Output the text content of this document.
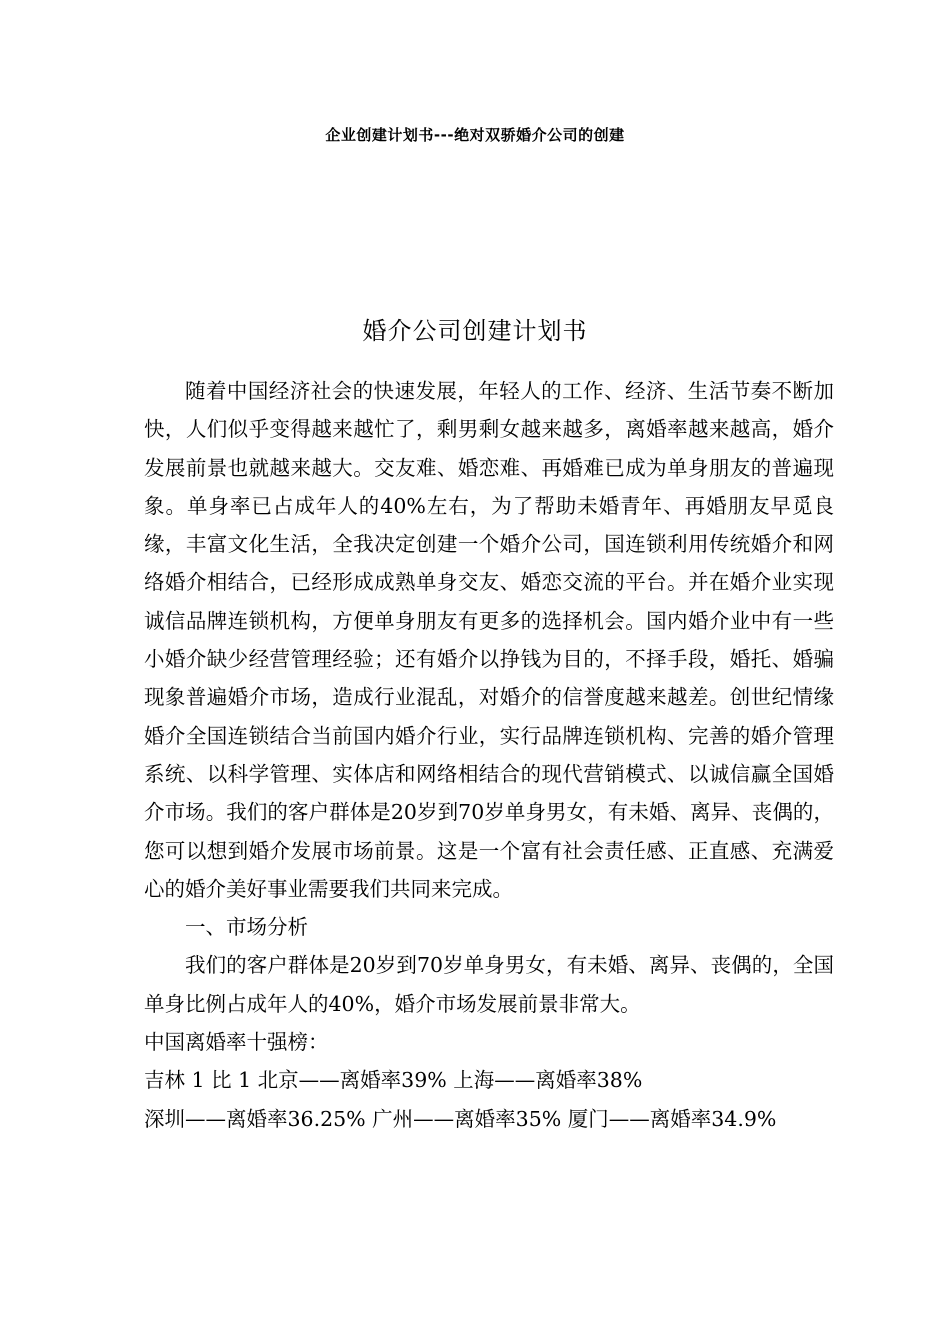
企业创建计划书---绝对双骄婚介公司的创建
婚介公司创建计划书

随着中国经济社会的快速发展，年轻人的工作、经济、生活节奏不断加快，人们似乎变得越来越忙了，剩男剩女越来越多，离婚率越来越高，婚介发展前景也就越来越大。交友难、婚恋难、再婚难已成为单身朋友的普遍现象。单身率已占成年人的40%左右，为了帮助未婚青年、再婚朋友早觅良缘，丰富文化生活，全我决定创建一个婚介公司，国连锁利用传统婚介和网络婚介相结合，已经形成成熟单身交友、婚恋交流的平台。并在婚介业实现诚信品牌连锁机构，方便单身朋友有更多的选择机会。国内婚介业中有一些小婚介缺少经营管理经验；还有婚介以挣钱为目的，不择手段，婚托、婚骗现象普遍婚介市场，造成行业混乱，对婚介的信誉度越来越差。创世纪情缘婚介全国连锁结合当前国内婚介行业，实行品牌连锁机构、完善的婚介管理系统、以科学管理、实体店和网络相结合的现代营销模式、以诚信赢全国婚介市场。我们的客户群体是20岁到70岁单身男女，有未婚、离异、丧偶的，您可以想到婚介发展市场前景。这是一个富有社会责任感、正直感、充满爱心的婚介美好事业需要我们共同来完成。

一、市场分析

我们的客户群体是20岁到70岁单身男女，有未婚、离异、丧偶的，全国单身比例占成年人的40%，婚介市场发展前景非常大。

中国离婚率十强榜：

吉林 1 比 1 北京——离婚率39% 上海——离婚率38%

深圳——离婚率36.25% 广州——离婚率35% 厦门——离婚率34.9%
